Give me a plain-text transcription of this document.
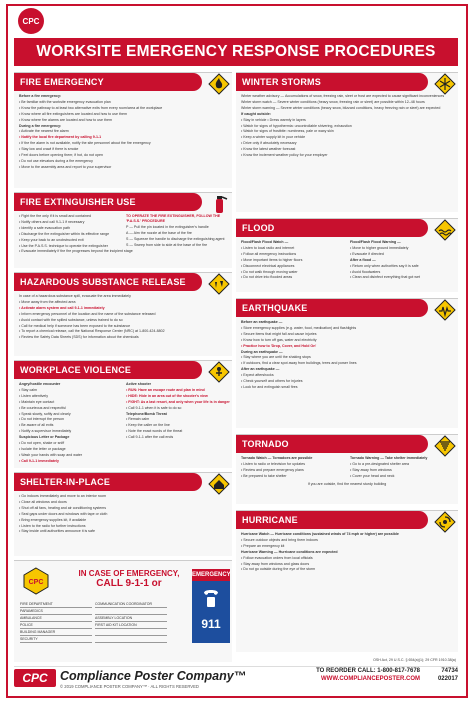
CPC
WORKSITE EMERGENCY RESPONSE PROCEDURES
FIRE EMERGENCY
Before a fire emergency:
• Be familiar with the worksite emergency evacuation plan
• Know the pathway to at least two alternative exits from every room/area at the workplace
• Know where all fire extinguishers are located and how to use them
• Know where fire alarms are located and how to use them
During a fire emergency:
• Activate the nearest fire alarm
• Notify the local fire department by calling 9-1-1
• If the fire alarm is not available, notify the site personnel about the fire emergency
• Stay low and crawl if there is smoke
• Feel doors before opening them; if hot, do not open
• Do not use elevators during a fire emergency
• Move to the assembly area and report to your supervisor
FIRE EXTINGUISHER USE
• Fight the fire only if it is small and contained
• Notify others and call 9-1-1 if necessary
• Identify a safe evacuation path
• Discharge the fire extinguisher within its effective range
• Keep your back to an unobstructed exit
• Use the P.A.S.S. technique to operate the extinguisher
• Evacuate immediately if the fire progresses beyond the incipient stage
TO OPERATE THE FIRE EXTINGUISHER, FOLLOW THE 'P.A.S.S.' PROCEDURE
P — Pull the pin located in the extinguisher's handle
A — Aim the nozzle at the base of the fire
S — Squeeze the handle to discharge the extinguishing agent
S — Sweep from side to side at the base of the fire
HAZARDOUS SUBSTANCE RELEASE
In case of a hazardous substance spill, evacuate the area immediately
• Move away from the affected area
• Activate alarm system and call 9-1-1 immediately
• Inform emergency personnel of the location and the name of the substance released
• Avoid contact with the spilled substance, unless trained to do so
• Call for medical help if someone has been exposed to the substance
• To report a chemical release, call the National Response Center (NRC) at 1-800-424-8802
• Review the Safety Data Sheets (SDS) for information about the chemicals
WORKPLACE VIOLENCE
Angry/hostile encounter
• Stay calm
• Listen attentively
• Maintain eye contact
• Be courteous and respectful
• Speak slowly, softly and clearly
• Do not interrupt the person
• Be aware of all exits
• Notify a supervisor immediately
Suspicious Letter or Package
• Do not open, shake or sniff
• Isolate the letter or package
• Wash your hands with soap and water
• Call 9-1-1 immediately
Active shooter
• RUN: Have an escape route and plan in mind
• HIDE: Hide in an area out of the shooter's view
• FIGHT: As a last resort, and only when your life is in danger
• Call 9-1-1 when it is safe to do so
Telephone/Bomb Threat
• Remain calm
• Keep the caller on the line
• Note the exact words of the threat
• Call 9-1-1 after the call ends
SHELTER-IN-PLACE
• Go indoors immediately and move to an interior room
• Close all windows and doors
• Shut off all fans, heating and air conditioning systems
• Seal gaps under doors and windows with tape or cloth
• Bring emergency supplies kit, if available
• Listen to the radio for further instructions
• Stay inside until authorities announce it is safe
CPC
IN CASE OF EMERGENCY,
CALL 9-1-1 or
FIRE DEPARTMENT	COMMUNICATION COORDINATOR
PARAMEDICS
AMBULANCE	ASSEMBLY LOCATION
POLICE	FIRST AID KIT LOCATION
BUILDING MANAGER
SECURITY
EMERGENCY
911
WINTER STORMS
Winter weather advisory — Accumulations of snow, freezing rain, sleet or frost are expected to cause significant inconveniences
Winter storm watch — Severe winter conditions (heavy snow, freezing rain or sleet) are possible within 12–48 hours
Winter storm warning — Severe winter conditions (heavy snow, blizzard conditions, heavy freezing rain or sleet) are expected
If caught outside:
• Stay in vehicle • Dress warmly in layers
• Watch for signs of hypothermia: uncontrollable shivering, exhaustion
• Watch for signs of frostbite: numbness, pale or waxy skin
• Keep a winter supply kit in your vehicle
• Drive only if absolutely necessary
• Know the latest weather forecast
• Know the inclement weather policy for your employer
FLOOD
Flood/Flash Flood Watch —
• Listen to local radio and internet
• Follow all emergency instructions
• Move important items to higher floors
• Disconnect electrical appliances
• Do not walk through moving water
• Do not drive into flooded areas
Flood/Flash Flood Warning —
• Move to higher ground immediately
• Evacuate if directed
After a flood —
• Return only when authorities say it is safe
• Avoid floodwaters
• Clean and disinfect everything that got wet
EARTHQUAKE
Before an earthquake —
• Store emergency supplies (e.g. water, food, medication) and flashlights
• Secure items that might fall and cause injuries
• Know how to turn off gas, water and electricity
• Practice how to 'Drop, Cover, and Hold On'
During an earthquake —
• Stay where you are until the shaking stops
• If outdoors, find a clear spot away from buildings, trees and power lines
After an earthquake —
• Expect aftershocks
• Check yourself and others for injuries
• Look for and extinguish small fires
TORNADO
Tornado Watch — Tornadoes are possible
• Listen to radio or television for updates
• Review and prepare emergency plans
• Be prepared to take shelter
Tornado Warning — Take shelter immediately
• Go to a pre-designated shelter area
• Stay away from windows
• Cover your head and neck
If you are outside, find the nearest sturdy building
HURRICANE
Hurricane Watch — Hurricane conditions (sustained winds of 74 mph or higher) are possible
• Secure outdoor objects and bring them indoors
• Prepare an emergency kit
Hurricane Warning — Hurricane conditions are expected
• Follow evacuation orders from local officials
• Stay away from windows and glass doors
• Do not go outside during the eye of the storm
OSH Act, 29 U.S.C. § 654(a)(1); 29 CFR 1910.38(a)
CPC Compliance Poster Company™
© 2019 COMPLIANCE POSTER COMPANY™ · ALL RIGHTS RESERVED
TO REORDER CALL: 1-800-817-7678
WWW.COMPLIANCEPOSTER.COM
74734
022017
